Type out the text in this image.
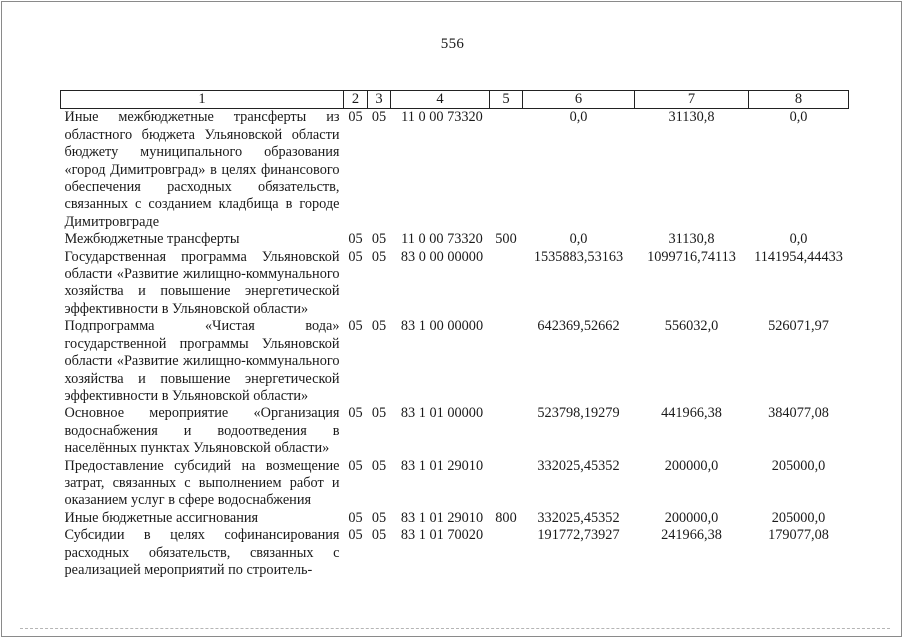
556
1	2	3	4	5	6	7	8
Иные межбюджетные трансферты из областного бюджета Ульяновской области бюджету муниципального образования «город Димитровград» в целях финансового обеспечения расходных обязательств, связанных с созданием кладбища в городе Димитровграде	05	05	11 0 00 73320		0,0	31130,8	0,0
Межбюджетные трансферты	05	05	11 0 00 73320	500	0,0	31130,8	0,0
Государственная программа Ульяновской области «Развитие жилищно-коммунального хозяйства и повышение энергетической эффективности в Ульяновской области»	05	05	83 0 00 00000		1535883,53163	1099716,74113	1141954,44433
Подпрограмма «Чистая вода» государственной программы Ульяновской области «Развитие жилищно-коммунального хозяйства и повышение энергетической эффективности в Ульяновской области»	05	05	83 1 00 00000		642369,52662	556032,0	526071,97
Основное мероприятие «Организация водоснабжения и водоотведения в населённых пунктах Ульяновской области»	05	05	83 1 01 00000		523798,19279	441966,38	384077,08
Предоставление субсидий на возмещение затрат, связанных с выполнением работ и оказанием услуг в сфере водоснабжения	05	05	83 1 01 29010		332025,45352	200000,0	205000,0
Иные бюджетные ассигнования	05	05	83 1 01 29010	800	332025,45352	200000,0	205000,0
Субсидии в целях софинансирования расходных обязательств, связанных с реализацией мероприятий по строитель-	05	05	83 1 01 70020		191772,73927	241966,38	179077,08
